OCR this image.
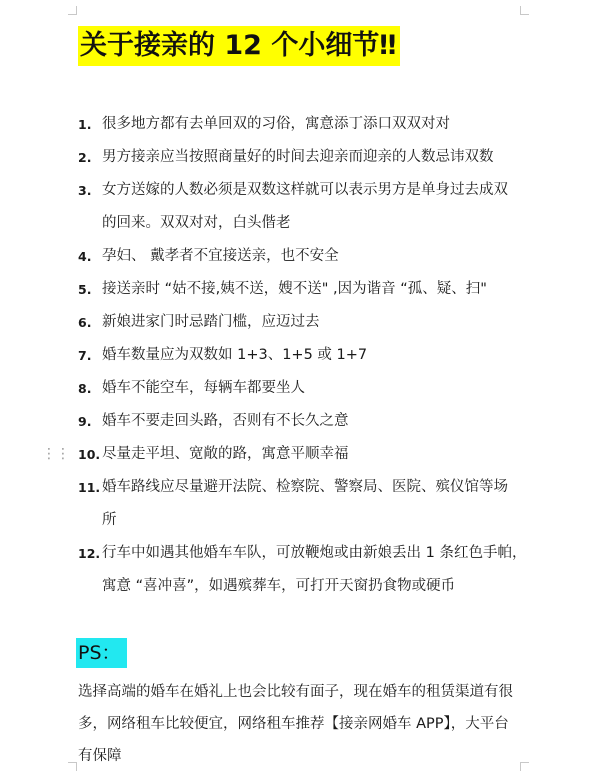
关于接亲的 12 个小细节‼
⋮⋮
1. 很多地方都有去单回双的习俗，寓意添丁添口双双对对
2. 男方接亲应当按照商量好的时间去迎亲而迎亲的人数忌讳双数
3. 女方送嫁的人数必须是双数这样就可以表示男方是单身过去成双
的回来。双双对对，白头偕老
4. 孕妇、 戴孝者不宜接送亲，也不安全
5. 接送亲时 “姑不接,姨不送，嫂不送" ,因为谐音 “孤、疑、扫"
6. 新娘进家门时忌踏门槛，应迈过去
7. 婚车数量应为双数如 1+3、1+5 或 1+7
8. 婚车不能空车，每辆车都要坐人
9. 婚车不要走回头路，否则有不长久之意
10. 尽量走平坦、宽敞的路，寓意平顺幸福
11. 婚车路线应尽量避开法院、检察院、警察局、医院、殡仪馆等场
所
12. 行车中如遇其他婚车车队，可放鞭炮或由新娘丢出 1 条红色手帕，
寓意 “喜冲喜”，如遇殡葬车，可打开天窗扔食物或硬币
PS：
选择高端的婚车在婚礼上也会比较有面子，现在婚车的租赁渠道有很
多，网络租车比较便宜，网络租车推荐【接亲网婚车 APP】，大平台
有保障
